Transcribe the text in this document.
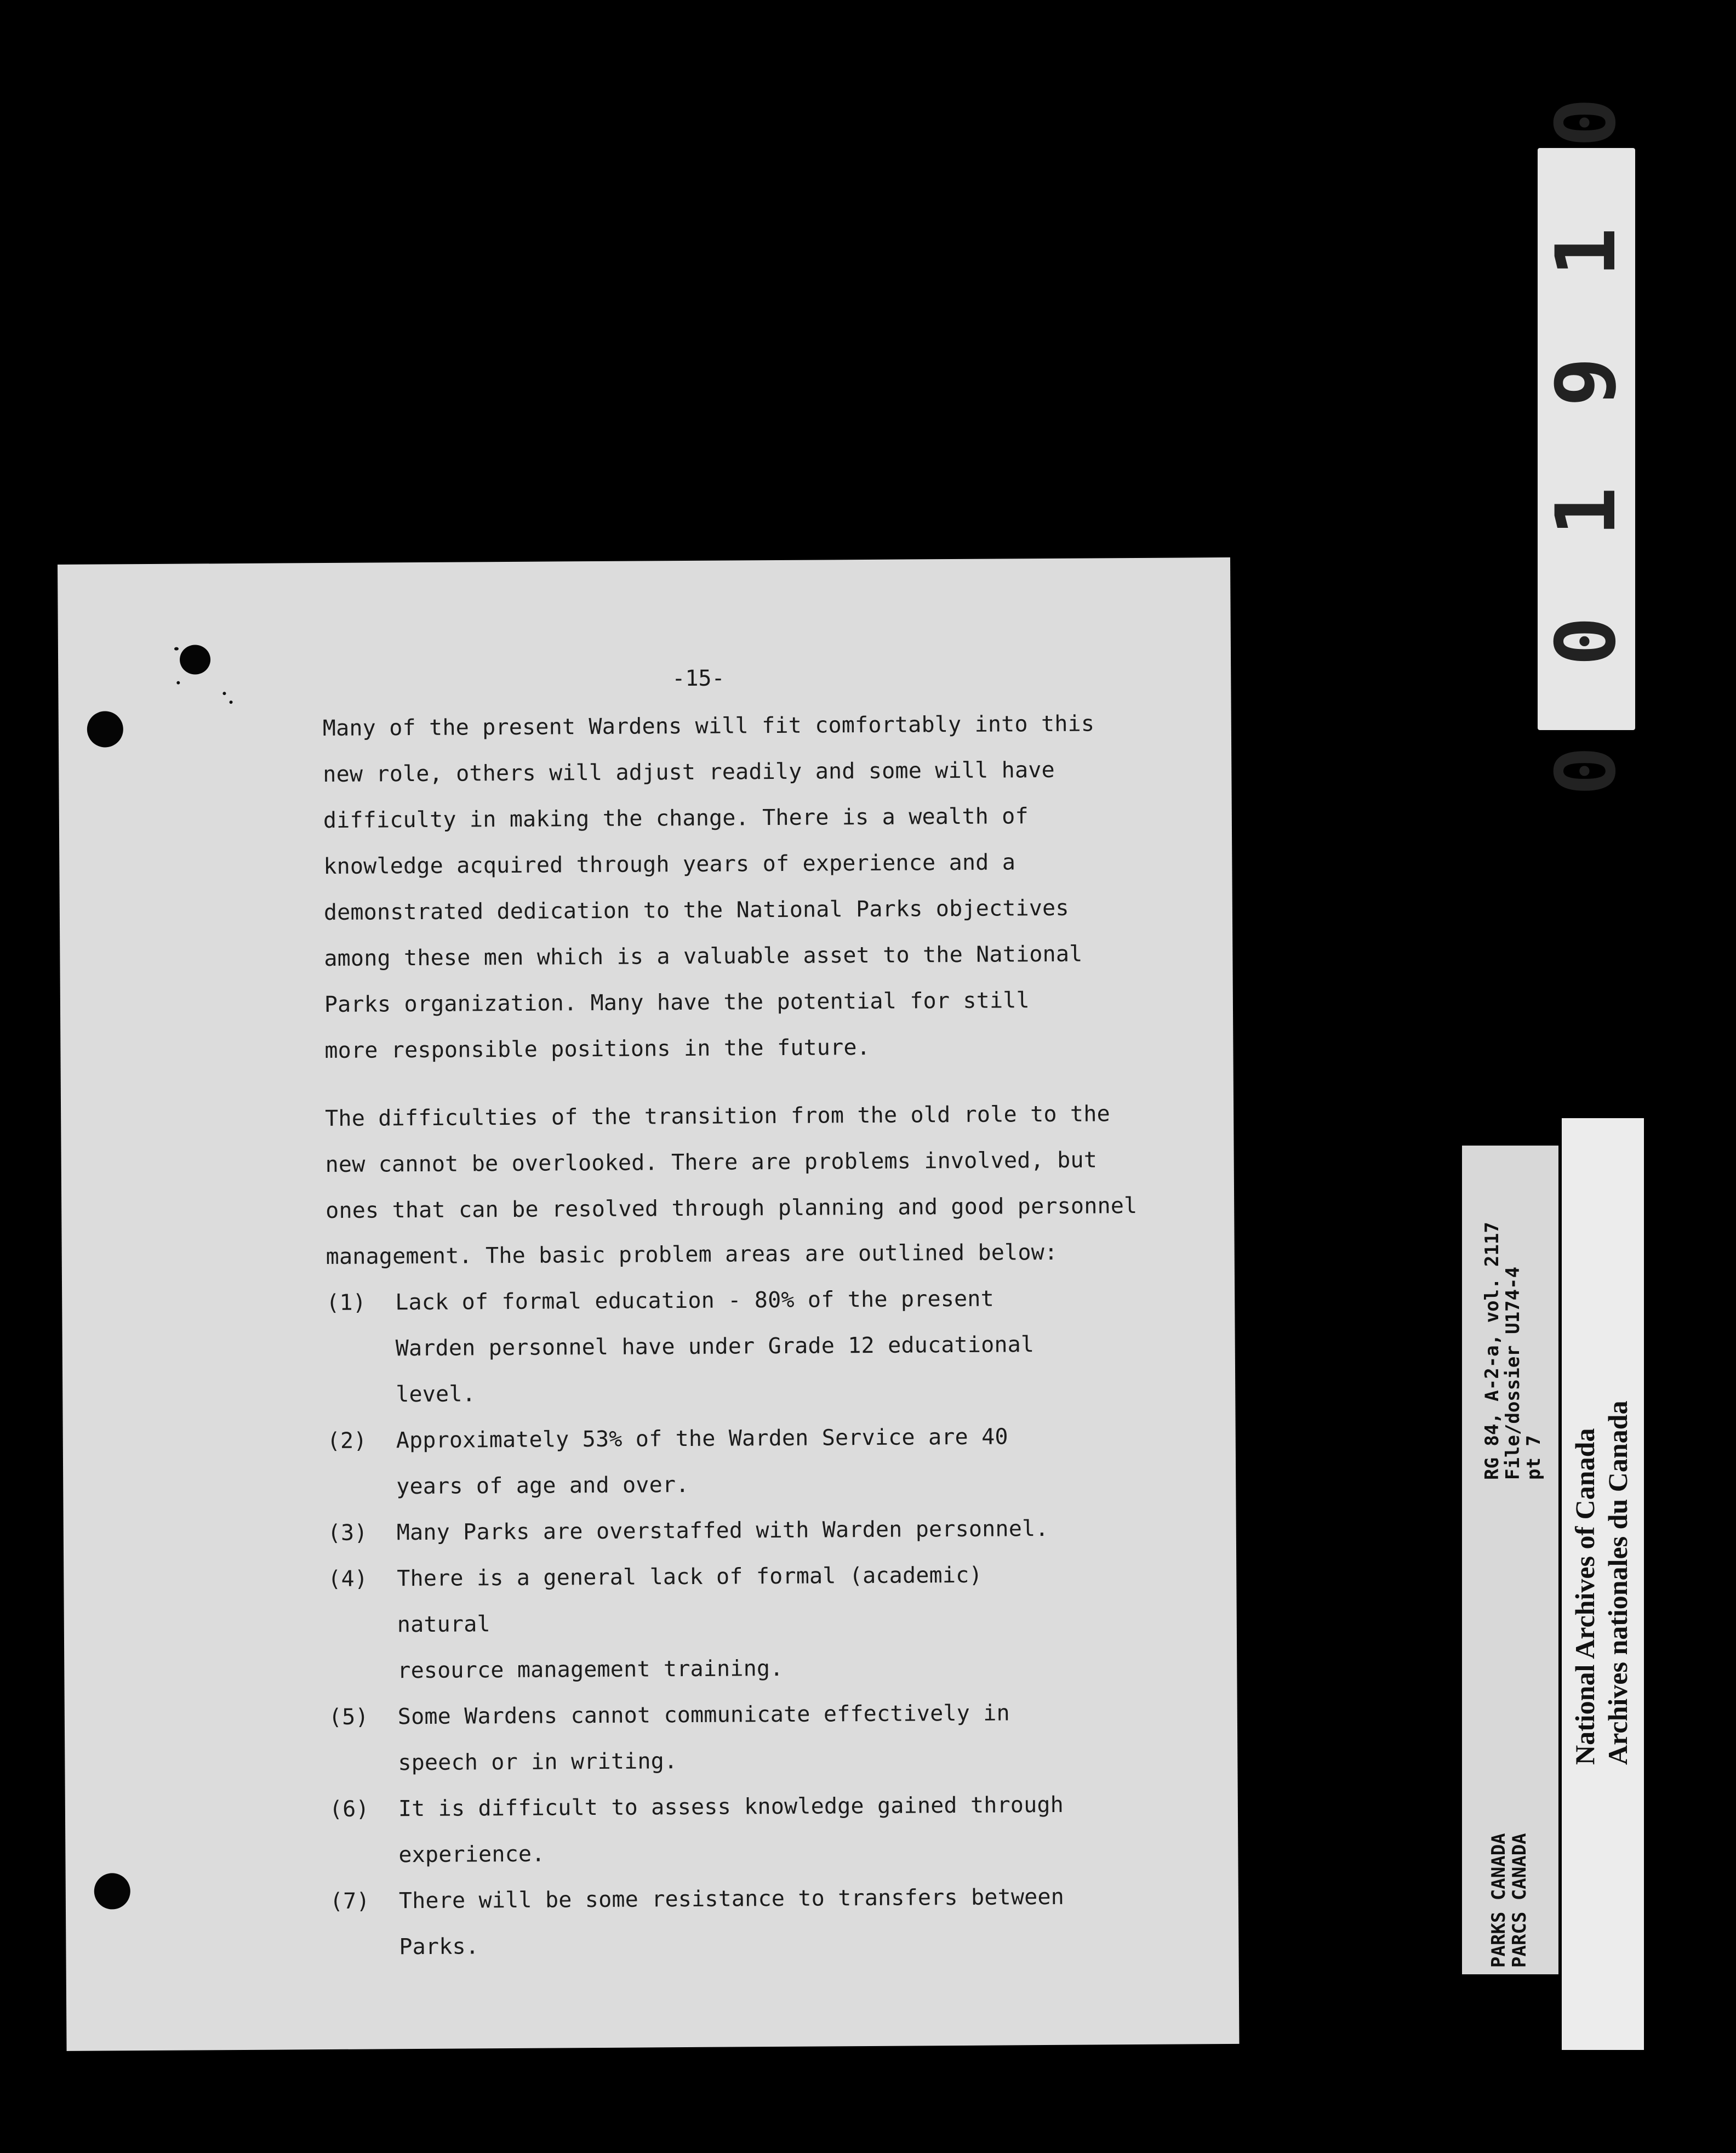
-15-
Many of the present Wardens will fit comfortably into this
new role, others will adjust readily and some will have
difficulty in making the change. There is a wealth of
knowledge acquired through years of experience and a
demonstrated dedication to the National Parks objectives
among these men which is a valuable asset to the National
Parks organization. Many have the potential for still
more responsible positions in the future.
The difficulties of the transition from the old role to the
new cannot be overlooked. There are problems involved, but
ones that can be resolved through planning and good personnel
management. The basic problem areas are outlined below:
(1)	Lack of formal education - 80% of the present
Warden personnel have under Grade 12 educational
level.
(2)	Approximately 53% of the Warden Service are 40
years of age and over.
(3)	Many Parks are overstaffed with Warden personnel.
(4)	There is a general lack of formal (academic) natural
resource management training.
(5)	Some Wardens cannot communicate effectively in
speech or in writing.
(6)	It is difficult to assess knowledge gained through
experience.
(7)	There will be some resistance to transfers between
Parks.
0 0 1 9 1 0
RG 84, A-2-a, vol. 2117
File/dossier U174-4
pt 7
PARKS CANADA
PARCS CANADA
National Archives of Canada Archives nationales du Canada
